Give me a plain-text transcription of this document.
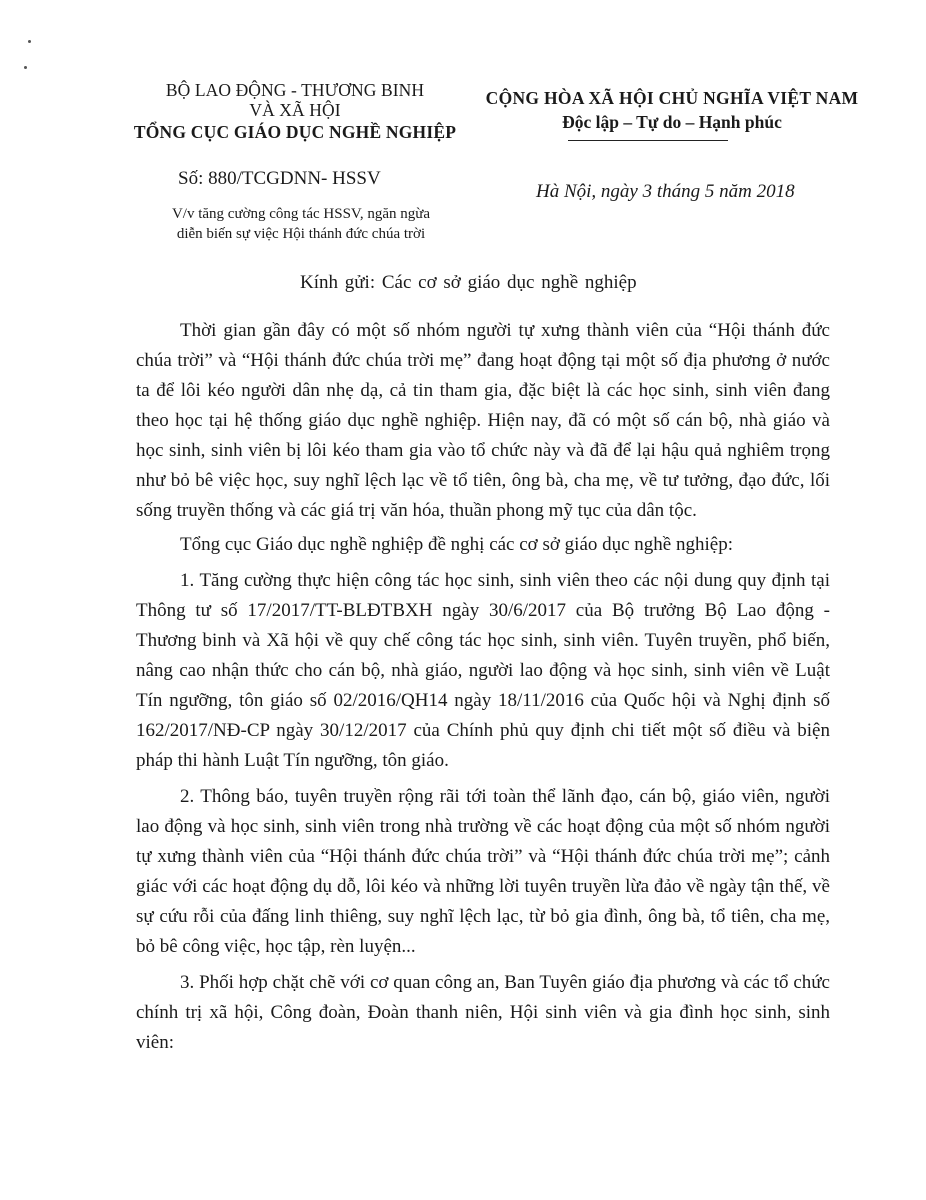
BỘ LAO ĐỘNG - THƯƠNG BINH
VÀ XÃ HỘI
TỔNG CỤC GIÁO DỤC NGHỀ NGHIỆP
CỘNG HÒA XÃ HỘI CHỦ NGHĨA VIỆT NAM
Độc lập – Tự do – Hạnh phúc
Số: 880/TCGDNN- HSSV
V/v tăng cường công tác HSSV, ngăn ngừa
diễn biến sự việc Hội thánh đức chúa trời
Hà Nội, ngày 3 tháng 5 năm 2018
Kính gửi: Các cơ sở giáo dục nghề nghiệp

Thời gian gần đây có một số nhóm người tự xưng thành viên của “Hội thánh đức chúa trời” và “Hội thánh đức chúa trời mẹ” đang hoạt động tại một số địa phương ở nước ta để lôi kéo người dân nhẹ dạ, cả tin tham gia, đặc biệt là các học sinh, sinh viên đang theo học tại hệ thống giáo dục nghề nghiệp. Hiện nay, đã có một số cán bộ, nhà giáo và học sinh, sinh viên bị lôi kéo tham gia vào tổ chức này và đã để lại hậu quả nghiêm trọng như bỏ bê việc học, suy nghĩ lệch lạc về tổ tiên, ông bà, cha mẹ, về tư tưởng, đạo đức, lối sống truyền thống và các giá trị văn hóa, thuần phong mỹ tục của dân tộc.

Tổng cục Giáo dục nghề nghiệp đề nghị các cơ sở giáo dục nghề nghiệp:

1. Tăng cường thực hiện công tác học sinh, sinh viên theo các nội dung quy định tại Thông tư số 17/2017/TT-BLĐTBXH ngày 30/6/2017 của Bộ trưởng Bộ Lao động - Thương binh và Xã hội về quy chế công tác học sinh, sinh viên. Tuyên truyền, phổ biến, nâng cao nhận thức cho cán bộ, nhà giáo, người lao động và học sinh, sinh viên về Luật Tín ngưỡng, tôn giáo số 02/2016/QH14 ngày 18/11/2016 của Quốc hội và Nghị định số 162/2017/NĐ-CP ngày 30/12/2017 của Chính phủ quy định chi tiết một số điều và biện pháp thi hành Luật Tín ngưỡng, tôn giáo.

2. Thông báo, tuyên truyền rộng rãi tới toàn thể lãnh đạo, cán bộ, giáo viên, người lao động và học sinh, sinh viên trong nhà trường về các hoạt động của một số nhóm người tự xưng thành viên của “Hội thánh đức chúa trời” và “Hội thánh đức chúa trời mẹ”; cảnh giác với các hoạt động dụ dỗ, lôi kéo và những lời tuyên truyền lừa đảo về ngày tận thế, về sự cứu rỗi của đấng linh thiêng, suy nghĩ lệch lạc, từ bỏ gia đình, ông bà, tổ tiên, cha mẹ, bỏ bê công việc, học tập, rèn luyện...

3. Phối hợp chặt chẽ với cơ quan công an, Ban Tuyên giáo địa phương và các tổ chức chính trị xã hội, Công đoàn, Đoàn thanh niên, Hội sinh viên và gia đình học sinh, sinh viên:
